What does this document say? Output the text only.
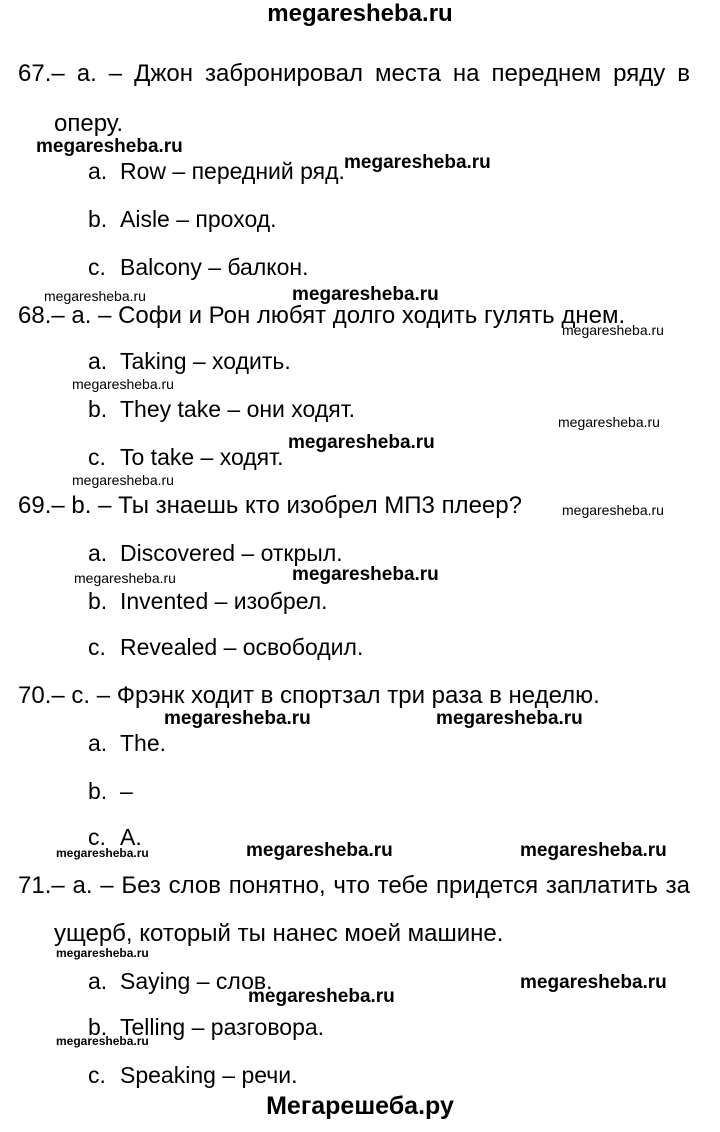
megaresheba.ru
67.– a. – Джон забронировал места на переднем ряду в
оперу.
a. Row – передний ряд.
b. Aisle – проход.
c. Balcony – балкон.
68.– a. – Софи и Рон любят долго ходить гулять днем.
a. Taking – ходить.
b. They take – они ходят.
c. To take – ходят.
69.– b. – Ты знаешь кто изобрел МП3 плеер?
a. Discovered – открыл.
b. Invented – изобрел.
c. Revealed – освободил.
70.– c. – Фрэнк ходит в спортзал три раза в неделю.
a. The.
b. –
c. A.
71.– a. – Без слов понятно, что тебе придется заплатить за
ущерб, который ты нанес моей машине.
a. Saying – слов.
b. Telling – разговора.
c. Speaking – речи.
megaresheba.ru
megaresheba.ru
megaresheba.ru	megaresheba.ru
megaresheba.ru
megaresheba.ru
megaresheba.ru
megaresheba.ru
megaresheba.ru
megaresheba.ru
megaresheba.ru	megaresheba.ru
megaresheba.ru	megaresheba.ru
megaresheba.ru	megaresheba.ru	megaresheba.ru
megaresheba.ru
megaresheba.ru
megaresheba.ru
megaresheba.ru
Мегарешеба.ру
